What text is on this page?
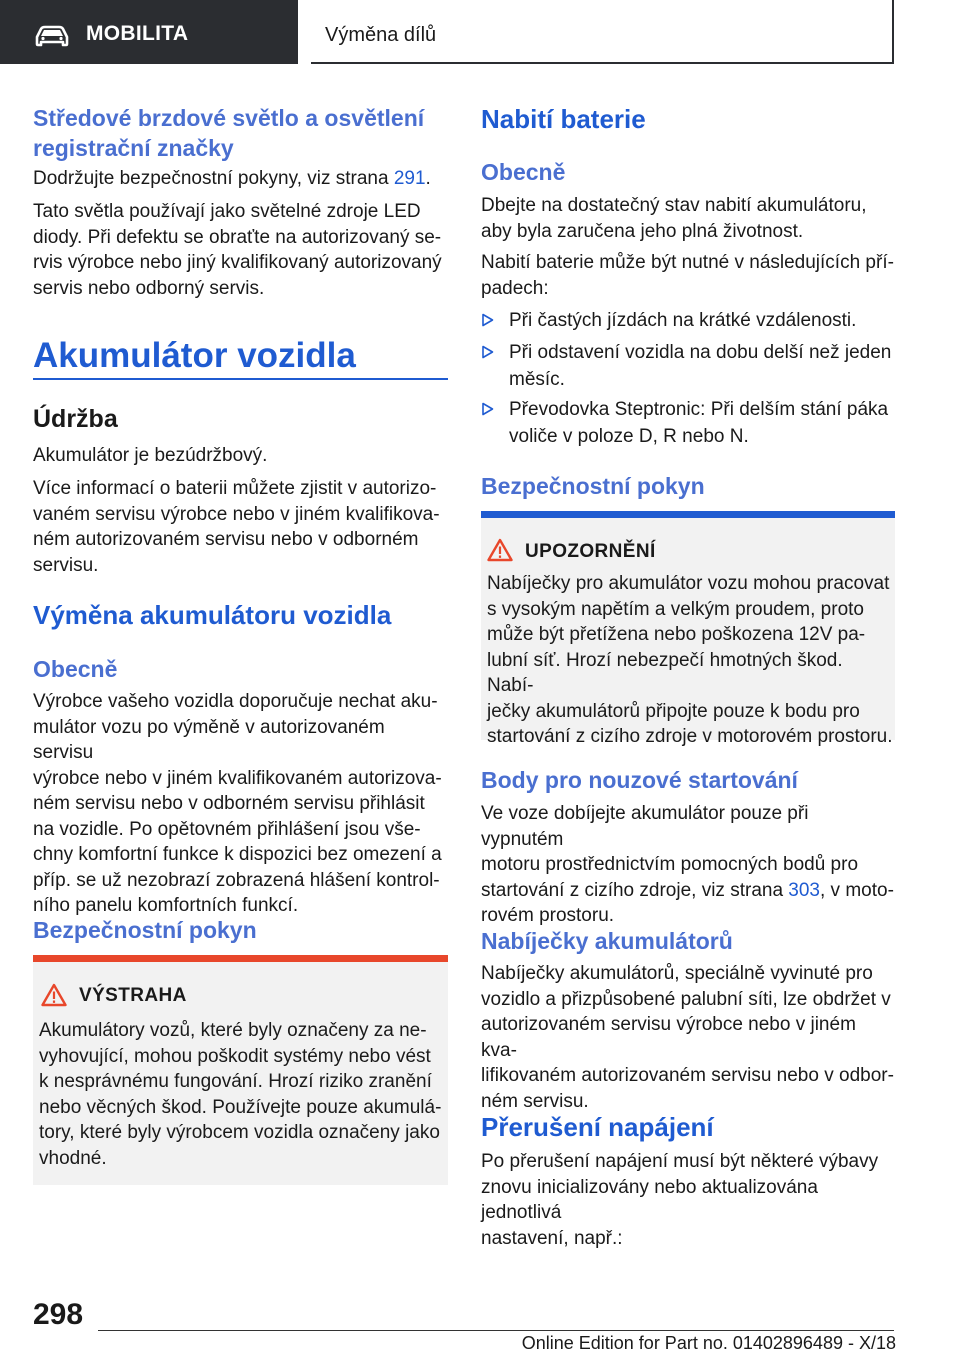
MOBILITA	Výměna dílů
Středové brzdové světlo a osvětlení
registrační značky
Dodržujte bezpečnostní pokyny, viz strana 291.
Tato světla používají jako světelné zdroje LED
diody. Při defektu se obraťte na autorizovaný se‐
rvis výrobce nebo jiný kvalifikovaný autorizovaný
servis nebo odborný servis.
Akumulátor vozidla
Údržba
Akumulátor je bezúdržbový.
Více informací o baterii můžete zjistit v autorizo‐
vaném servisu výrobce nebo v jiném kvalifikova‐
ném autorizovaném servisu nebo v odborném
servisu.
Výměna akumulátoru vozidla
Obecně
Výrobce vašeho vozidla doporučuje nechat aku‐
mulátor vozu po výměně v autorizovaném servisu
výrobce nebo v jiném kvalifikovaném autorizova‐
ném servisu nebo v odborném servisu přihlásit
na vozidle. Po opětovném přihlášení jsou vše‐
chny komfortní funkce k dispozici bez omezení a
příp. se už nezobrazí zobrazená hlášení kontrol‐
ního panelu komfortních funkcí.
Bezpečnostní pokyn
VÝSTRAHA
Akumulátory vozů, které byly označeny za ne‐
vyhovující, mohou poškodit systémy nebo vést
k nesprávnému fungování. Hrozí riziko zranění
nebo věcných škod. Používejte pouze akumulá‐
tory, které byly výrobcem vozidla označeny jako
vhodné.
Nabití baterie
Obecně
Dbejte na dostatečný stav nabití akumulátoru,
aby byla zaručena jeho plná životnost.
Nabití baterie může být nutné v následujících pří‐
padech:
Při častých jízdách na krátké vzdálenosti.
Při odstavení vozidla na dobu delší než jeden
měsíc.
Převodovka Steptronic: Při delším stání páka
voliče v poloze D, R nebo N.
Bezpečnostní pokyn
UPOZORNĚNÍ
Nabíječky pro akumulátor vozu mohou pracovat
s vysokým napětím a velkým proudem, proto
může být přetížena nebo poškozena 12V pa‐
lubní síť. Hrozí nebezpečí hmotných škod. Nabí‐
ječky akumulátorů připojte pouze k bodu pro
startování z cizího zdroje v motorovém prostoru.
Body pro nouzové startování
Ve voze dobíjejte akumulátor pouze při vypnutém
motoru prostřednictvím pomocných bodů pro
startování z cizího zdroje, viz strana 303, v moto‐
rovém prostoru.
Nabíječky akumulátorů
Nabíječky akumulátorů, speciálně vyvinuté pro
vozidlo a přizpůsobené palubní síti, lze obdržet v
autorizovaném servisu výrobce nebo v jiném kva‐
lifikovaném autorizovaném servisu nebo v odbor‐
ném servisu.
Přerušení napájení
Po přerušení napájení musí být některé výbavy
znovu inicializovány nebo aktualizována jednotlivá
nastavení, např.:
298
Online Edition for Part no. 01402896489 - X/18
